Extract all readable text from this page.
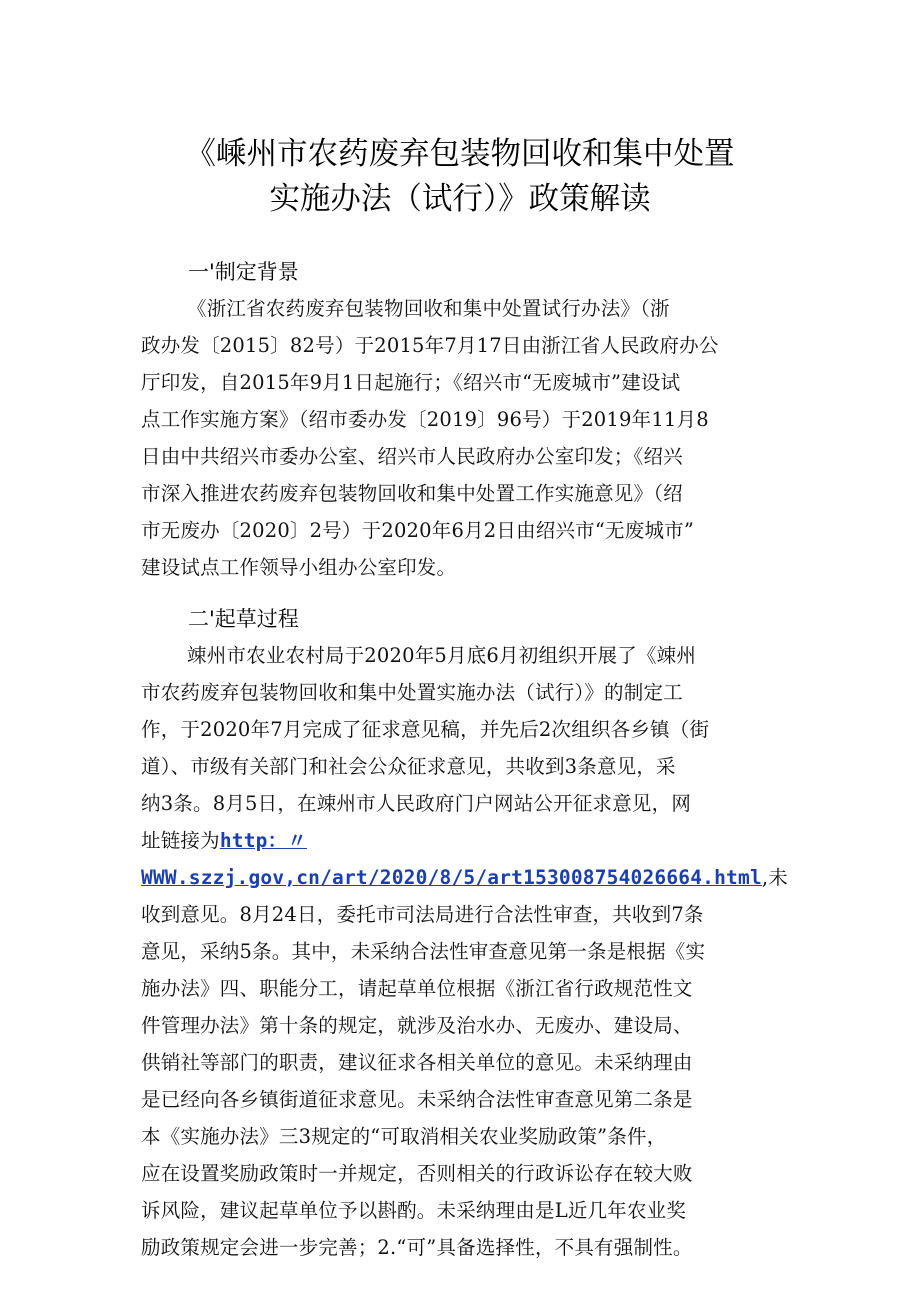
《嵊州市农药废弃包装物回收和集中处置
实施办法（试行）》政策解读
一'制定背景
《浙江省农药废弃包装物回收和集中处置试行办法》（浙
政办发〔2015〕82号）于2015年7月17日由浙江省人民政府办公
厅印发，自2015年9月1日起施行；《绍兴市“无废城市”建设试
点工作实施方案》（绍市委办发〔2019〕96号）于2019年11月8
日由中共绍兴市委办公室、绍兴市人民政府办公室印发；《绍兴
市深入推进农药废弃包装物回收和集中处置工作实施意见》（绍
市无废办〔2020〕2号）于2020年6月2日由绍兴市“无废城市”
建设试点工作领导小组办公室印发。
二'起草过程
竦州市农业农村局于2020年5月底6月初组织开展了《竦州
市农药废弃包装物回收和集中处置实施办法（试行）》的制定工
作，于2020年7月完成了征求意见稿，并先后2次组织各乡镇（街
道）、市级有关部门和社会公众征求意见，共收到3条意见，采
纳3条。8月5日，在竦州市人民政府门户网站公开征求意见，网
址链接为http：〃
WWW.szzj.gov,cn/art/2020/8/5/art153008754026664.html,未
收到意见。8月24日，委托市司法局进行合法性审查，共收到7条
意见，采纳5条。其中，未采纳合法性审查意见第一条是根据《实
施办法》四、职能分工，请起草单位根据《浙江省行政规范性文
件管理办法》第十条的规定，就涉及治水办、无废办、建设局、
供销社等部门的职责，建议征求各相关单位的意见。未采纳理由
是已经向各乡镇街道征求意见。未采纳合法性审查意见第二条是
本《实施办法》三3规定的“可取消相关农业奖励政策”条件，
应在设置奖励政策时一并规定，否则相关的行政诉讼存在较大败
诉风险，建议起草单位予以斟酌。未采纳理由是L近几年农业奖
励政策规定会进一步完善；2.“可”具备选择性，不具有强制性。
